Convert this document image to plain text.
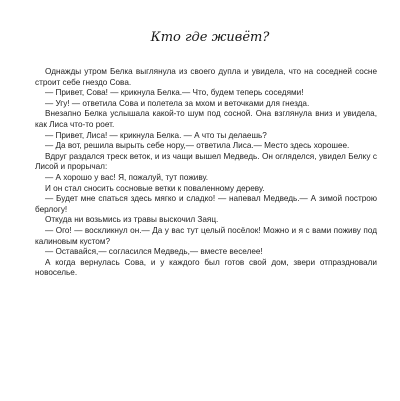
Кто где живёт?

Однажды утром Белка выглянула из своего дупла и увидела, что на соседней сосне строит себе гнездо Сова.

— Привет, Сова! — крикнула Белка.— Что, будем теперь соседями!

— Угу! — ответила Сова и полетела за мхом и веточками для гнезда.

Внезапно Белка услышала какой-то шум под сосной. Она взглянула вниз и увидела, как Лиса что-то роет.

— Привет, Лиса! — крикнула Белка. — А что ты делаешь?

— Да вот, решила вырыть себе нору,— ответила Лиса.— Место здесь хорошее.

Вдруг раздался треск веток, и из чащи вышел Медведь. Он огляделся, увидел Белку с Лисой и прорычал:

— А хорошо у вас! Я, пожалуй, тут поживу.

И он стал сносить сосновые ветки к поваленному дереву.

— Будет мне спаться здесь мягко и сладко! — напевал Медведь.— А зимой построю берлогу!

Откуда ни возьмись из травы выскочил Заяц.

— Ого! — воскликнул он.— Да у вас тут целый посёлок! Можно и я с вами поживу под калиновым кустом?

— Оставайся,— согласился Медведь,— вместе веселее!

А когда вернулась Сова, и у каждого был готов свой дом, звери отпраздновали новоселье.
